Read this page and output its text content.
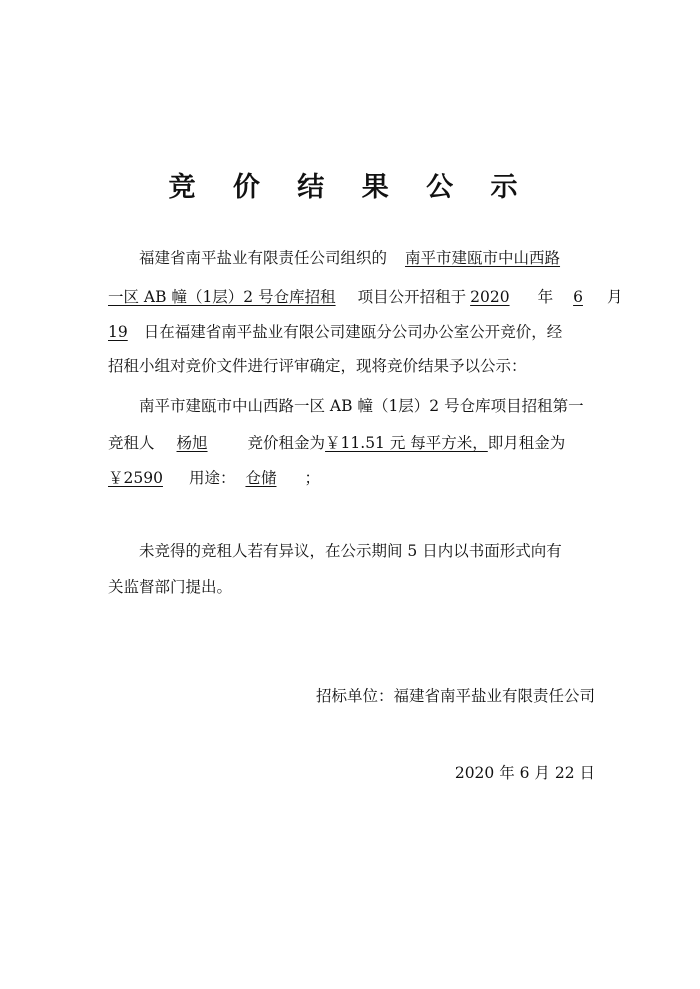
竞 价 结 果 公 示
福建省南平盐业有限责任公司组织的 南平市建瓯市中山西路
一区 AB 幢（1层）2 号仓库招租 项目公开招租于 2020 年 6 月
19 日在福建省南平盐业有限公司建瓯分公司办公室公开竞价，经
招租小组对竞价文件进行评审确定，现将竞价结果予以公示：
南平市建瓯市中山西路一区 AB 幢（1层）2 号仓库项目招租第一
竞租人 杨旭	竞价租金为￥11.51 元 每平方米，即月租金为
￥2590 用途： 仓储 ；
未竞得的竞租人若有异议，在公示期间 5 日内以书面形式向有
关监督部门提出。
招标单位：福建省南平盐业有限责任公司
2020 年 6 月 22 日
